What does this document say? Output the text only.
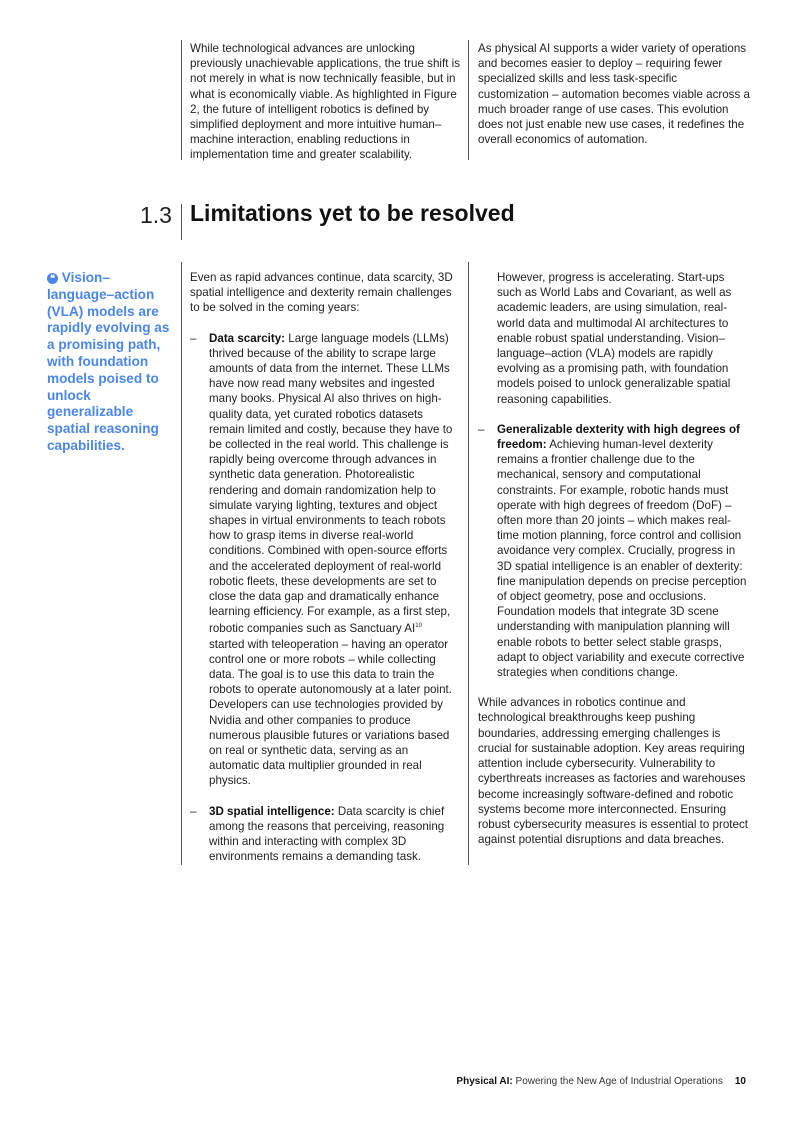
While technological advances are unlocking previously unachievable applications, the true shift is not merely in what is now technically feasible, but in what is economically viable. As highlighted in Figure 2, the future of intelligent robotics is defined by simplified deployment and more intuitive human–machine interaction, enabling reductions in implementation time and greater scalability.

As physical AI supports a wider variety of operations and becomes easier to deploy – requiring fewer specialized skills and less task-specific customization – automation becomes viable across a much broader range of use cases. This evolution does not just enable new use cases, it redefines the overall economics of automation.

1.3 Limitations yet to be resolved
❝ Vision–language–action (VLA) models are rapidly evolving as a promising path, with foundation models poised to unlock generalizable spatial reasoning capabilities.

Even as rapid advances continue, data scarcity, 3D spatial intelligence and dexterity remain challenges to be solved in the coming years:

– Data scarcity: Large language models (LLMs) thrived because of the ability to scrape large amounts of data from the internet. These LLMs have now read many websites and ingested many books. Physical AI also thrives on high-quality data, yet curated robotics datasets remain limited and costly, because they have to be collected in the real world. This challenge is rapidly being overcome through advances in synthetic data generation. Photorealistic rendering and domain randomization help to simulate varying lighting, textures and object shapes in virtual environments to teach robots how to grasp items in diverse real-world conditions. Combined with open-source efforts and the accelerated deployment of real-world robotic fleets, these developments are set to close the data gap and dramatically enhance learning efficiency. For example, as a first step, robotic companies such as Sanctuary AI$^{10}$ started with teleoperation – having an operator control one or more robots – while collecting data. The goal is to use this data to train the robots to operate autonomously at a later point. Developers can use technologies provided by Nvidia and other companies to produce numerous plausible futures or variations based on real or synthetic data, serving as an automatic data multiplier grounded in real physics.
– 3D spatial intelligence: Data scarcity is chief among the reasons that perceiving, reasoning within and interacting with complex 3D environments remains a demanding task.

However, progress is accelerating. Start-ups such as World Labs and Covariant, as well as academic leaders, are using simulation, real-world data and multimodal AI architectures to enable robust spatial understanding. Vision–language–action (VLA) models are rapidly evolving as a promising path, with foundation models poised to unlock generalizable spatial reasoning capabilities.

– Generalizable dexterity with high degrees of freedom: Achieving human-level dexterity remains a frontier challenge due to the mechanical, sensory and computational constraints. For example, robotic hands must operate with high degrees of freedom (DoF) – often more than 20 joints – which makes real-time motion planning, force control and collision avoidance very complex. Crucially, progress in 3D spatial intelligence is an enabler of dexterity: fine manipulation depends on precise perception of object geometry, pose and occlusions. Foundation models that integrate 3D scene understanding with manipulation planning will enable robots to better select stable grasps, adapt to object variability and execute corrective strategies when conditions change.

While advances in robotics continue and technological breakthroughs keep pushing boundaries, addressing emerging challenges is crucial for sustainable adoption. Key areas requiring attention include cybersecurity. Vulnerability to cyberthreats increases as factories and warehouses become increasingly software-defined and robotic systems become more interconnected. Ensuring robust cybersecurity measures is essential to protect against potential disruptions and data breaches.

Physical AI: Powering the New Age of Industrial Operations 10
